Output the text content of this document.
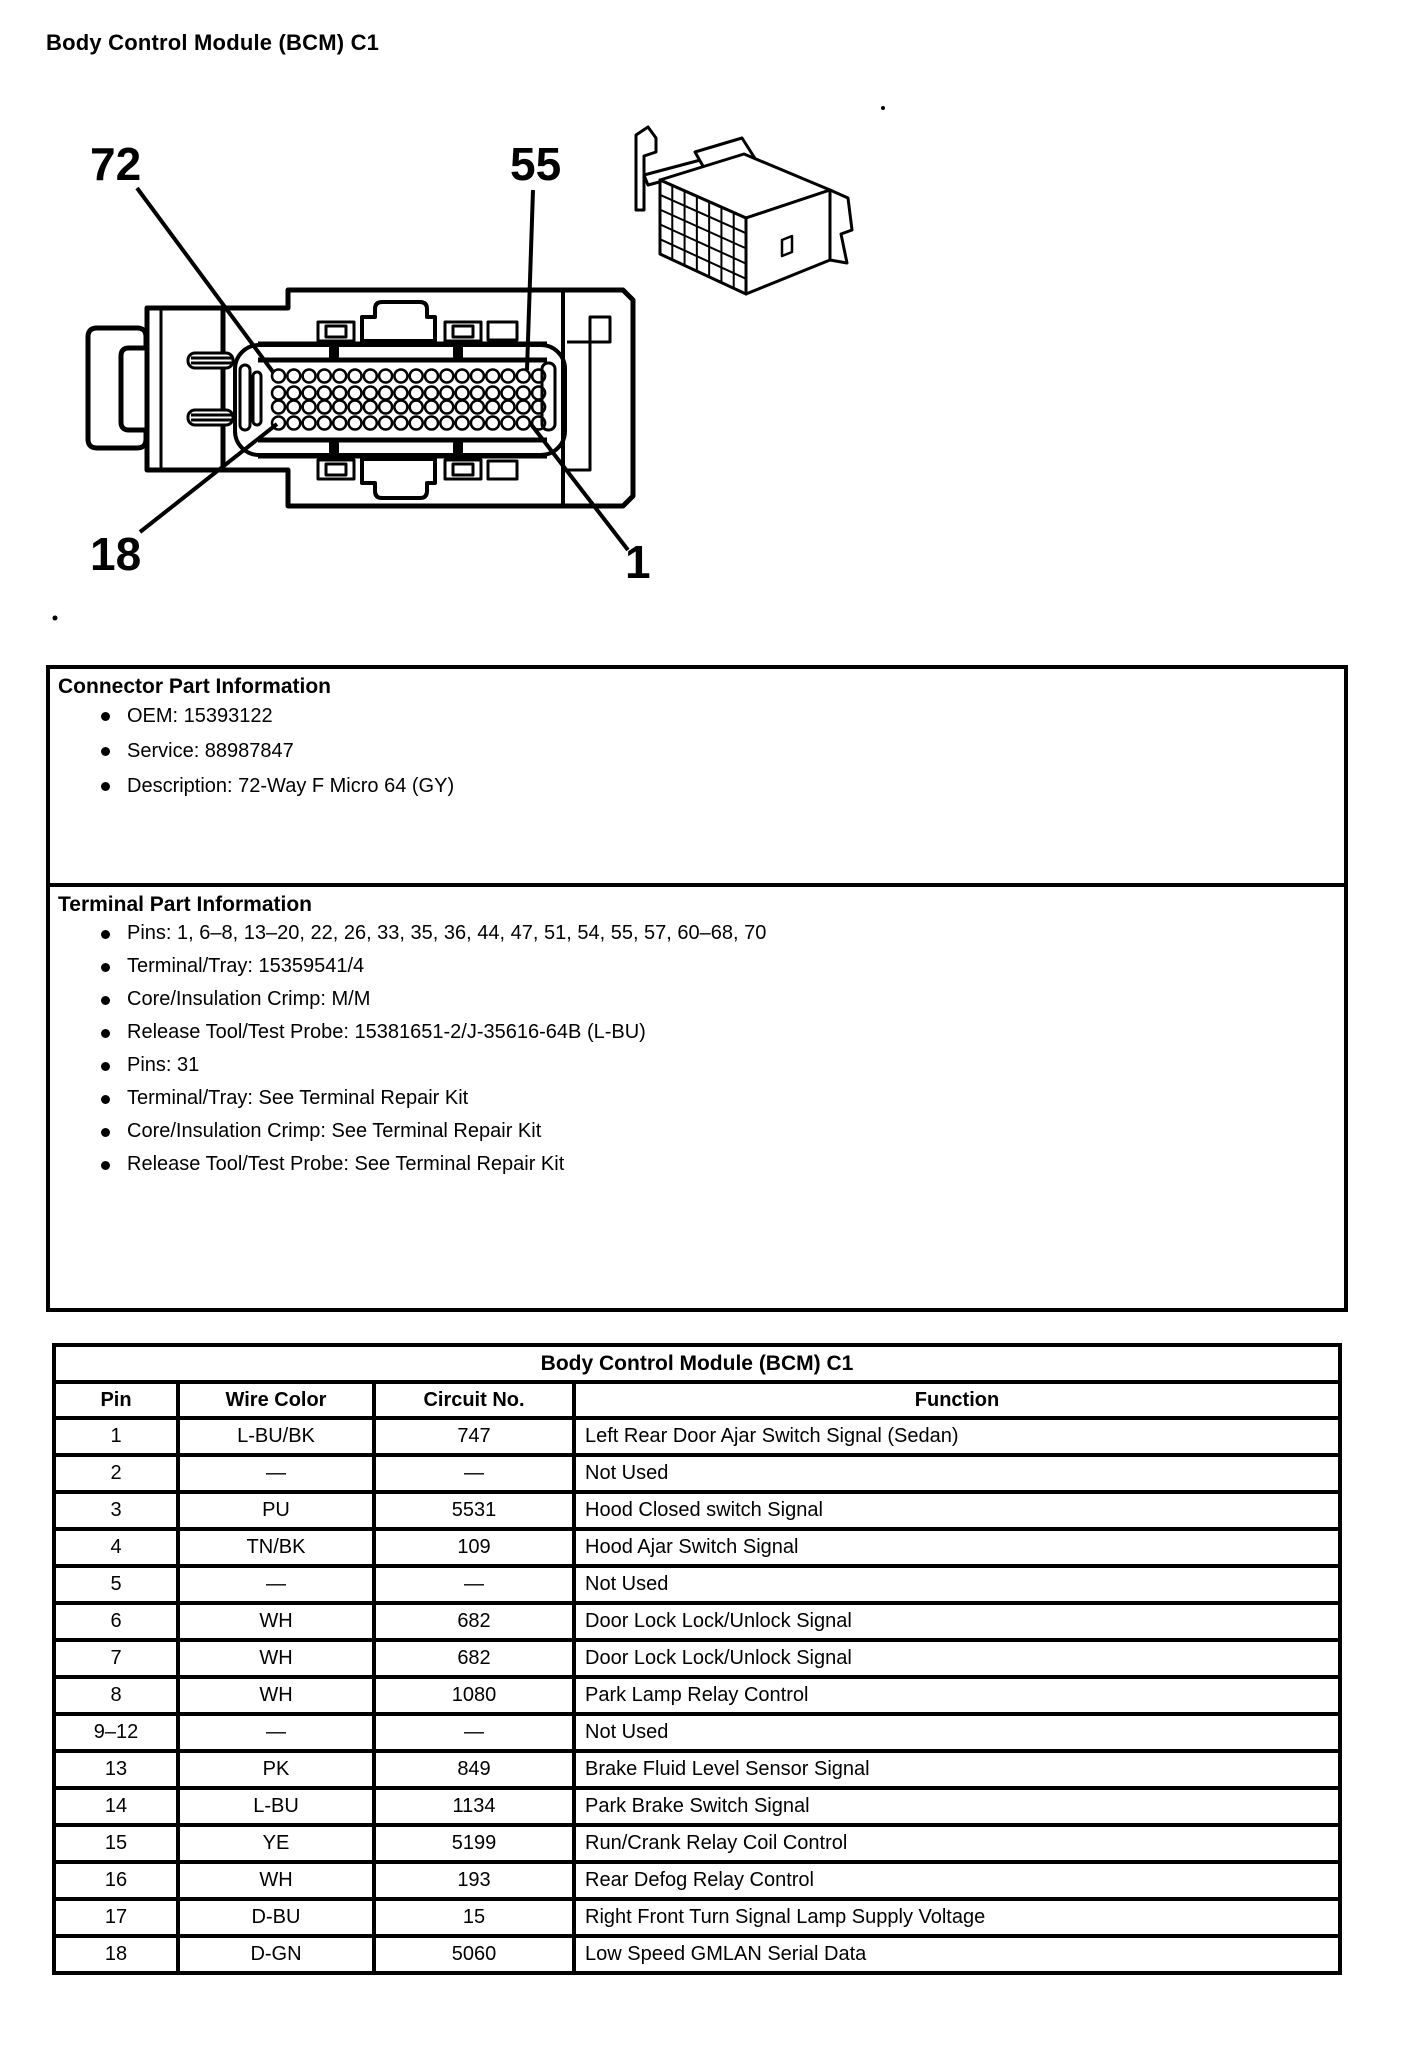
Body Control Module (BCM) C1
72	55
18	1
Connector Part Information
OEM: 15393122
Service: 88987847
Description: 72-Way F Micro 64 (GY)
Terminal Part Information
Pins: 1, 6–8, 13–20, 22, 26, 33, 35, 36, 44, 47, 51, 54, 55, 57, 60–68, 70
Terminal/Tray: 15359541/4
Core/Insulation Crimp: M/M
Release Tool/Test Probe: 15381651-2/J-35616-64B (L-BU)
Pins: 31
Terminal/Tray: See Terminal Repair Kit
Core/Insulation Crimp: See Terminal Repair Kit
Release Tool/Test Probe: See Terminal Repair Kit
Body Control Module (BCM) C1			
Pin	Wire Color	Circuit No.	Function
1	L-BU/BK	747	Left Rear Door Ajar Switch Signal (Sedan)
2	—	—	Not Used
3	PU	5531	Hood Closed switch Signal
4	TN/BK	109	Hood Ajar Switch Signal
5	—	—	Not Used
6	WH	682	Door Lock Lock/Unlock Signal
7	WH	682	Door Lock Lock/Unlock Signal
8	WH	1080	Park Lamp Relay Control
9–12	—	—	Not Used
13	PK	849	Brake Fluid Level Sensor Signal
14	L-BU	1134	Park Brake Switch Signal
15	YE	5199	Run/Crank Relay Coil Control
16	WH	193	Rear Defog Relay Control
17	D-BU	15	Right Front Turn Signal Lamp Supply Voltage
18	D-GN	5060	Low Speed GMLAN Serial Data
